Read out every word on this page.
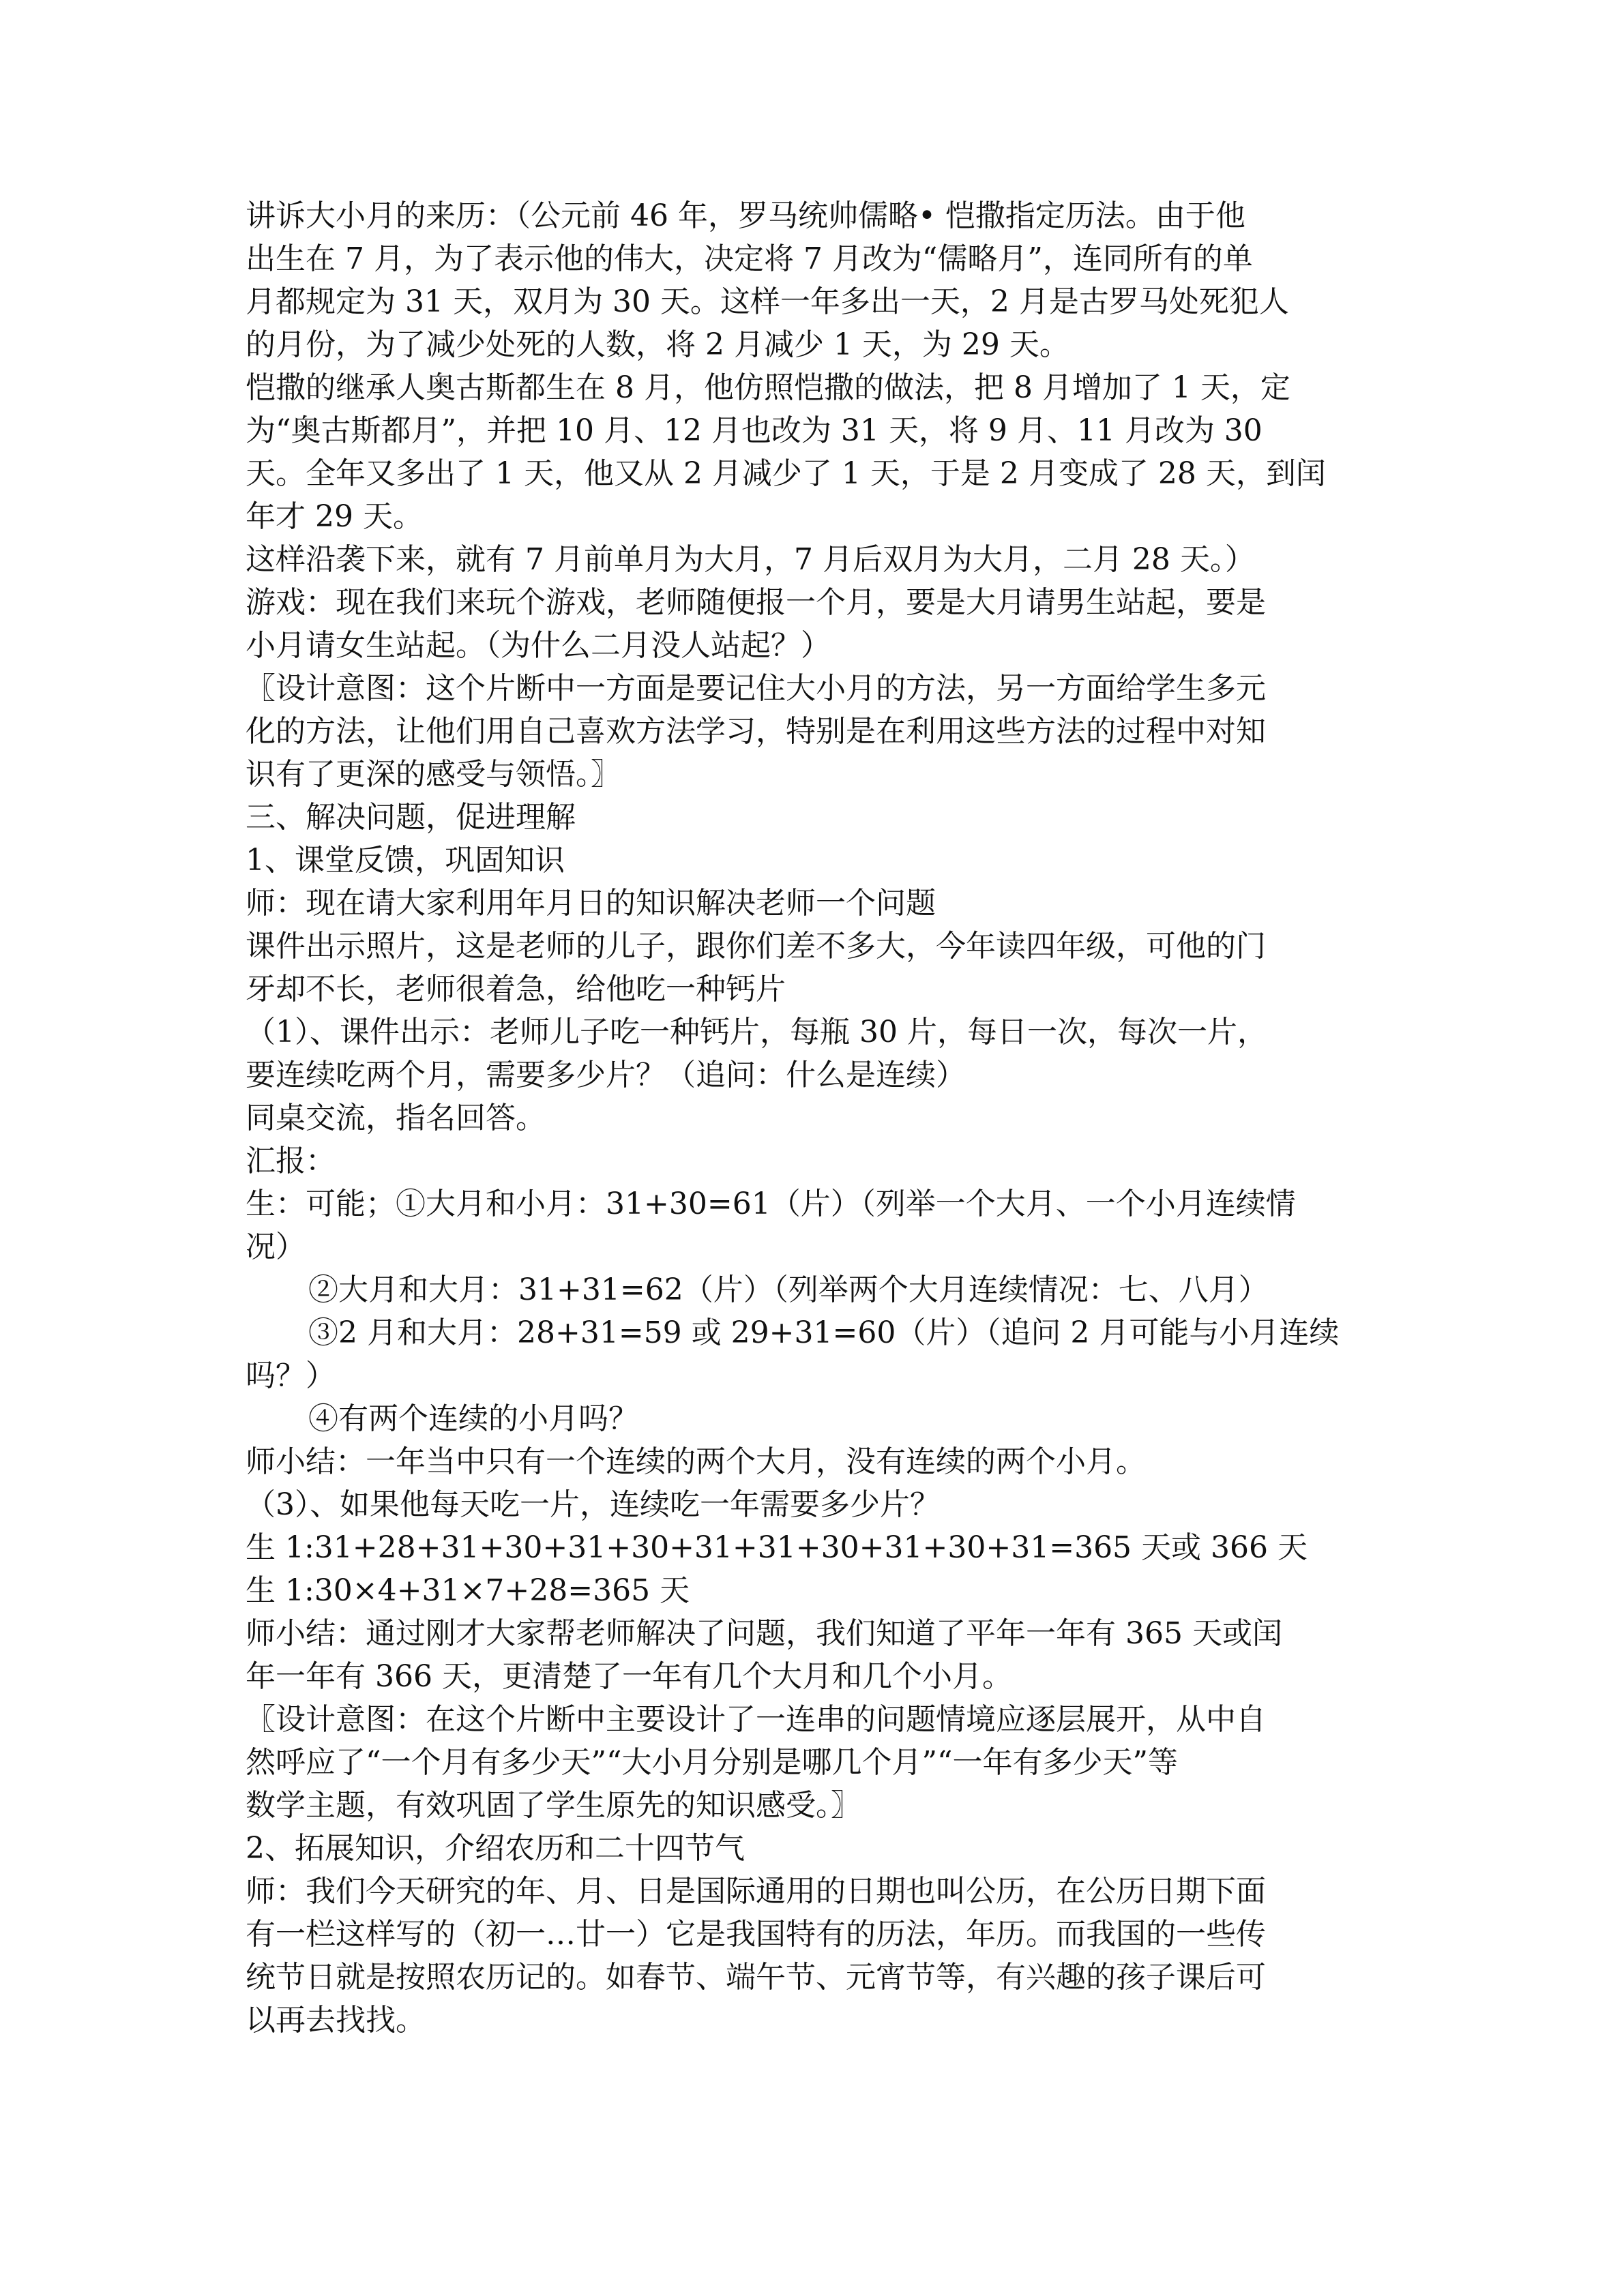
讲诉大小月的来历：（公元前 46 年，罗马统帅儒略• 恺撒指定历法。由于他
出生在 7 月，为了表示他的伟大，决定将 7 月改为“儒略月”，连同所有的单
月都规定为 31 天，双月为 30 天。这样一年多出一天，2 月是古罗马处死犯人
的月份，为了减少处死的人数，将 2 月减少 1 天，为 29 天。
恺撒的继承人奥古斯都生在 8 月，他仿照恺撒的做法，把 8 月增加了 1 天，定
为“奥古斯都月”，并把 10 月、12 月也改为 31 天，将 9 月、11 月改为 30
天。全年又多出了 1 天，他又从 2 月减少了 1 天，于是 2 月变成了 28 天，到闰
年才 29 天。
这样沿袭下来，就有 7 月前单月为大月，7 月后双月为大月，二月 28 天。）
游戏：现在我们来玩个游戏，老师随便报一个月，要是大月请男生站起，要是
小月请女生站起。（为什么二月没人站起？）
〖设计意图：这个片断中一方面是要记住大小月的方法，另一方面给学生多元
化的方法，让他们用自己喜欢方法学习，特别是在利用这些方法的过程中对知
识有了更深的感受与领悟。〗
三、解决问题，促进理解
1、课堂反馈，巩固知识
师：现在请大家利用年月日的知识解决老师一个问题
课件出示照片，这是老师的儿子，跟你们差不多大，今年读四年级，可他的门
牙却不长，老师很着急，给他吃一种钙片
（1）、课件出示：老师儿子吃一种钙片，每瓶 30 片，每日一次，每次一片，
要连续吃两个月，需要多少片？（追问：什么是连续）
同桌交流，指名回答。
汇报：
生：可能；①大月和小月：31+30=61（片）（列举一个大月、一个小月连续情
况）
②大月和大月：31+31=62（片）（列举两个大月连续情况：七、八月）
③2 月和大月：28+31=59 或 29+31=60（片）（追问 2 月可能与小月连续
吗？）
④有两个连续的小月吗？
师小结：一年当中只有一个连续的两个大月，没有连续的两个小月。
（3）、如果他每天吃一片，连续吃一年需要多少片？
生 1:31+28+31+30+31+30+31+31+30+31+30+31=365 天或 366 天
生 1:30×4+31×7+28=365 天
师小结：通过刚才大家帮老师解决了问题，我们知道了平年一年有 365 天或闰
年一年有 366 天，更清楚了一年有几个大月和几个小月。
〖设计意图：在这个片断中主要设计了一连串的问题情境应逐层展开，从中自
然呼应了“一个月有多少天”“大小月分别是哪几个月”“一年有多少天”等
数学主题，有效巩固了学生原先的知识感受。〗
2、拓展知识，介绍农历和二十四节气
师：我们今天研究的年、月、日是国际通用的日期也叫公历，在公历日期下面
有一栏这样写的（初一…廿一）它是我国特有的历法，年历。而我国的一些传
统节日就是按照农历记的。如春节、端午节、元宵节等，有兴趣的孩子课后可
以再去找找。
